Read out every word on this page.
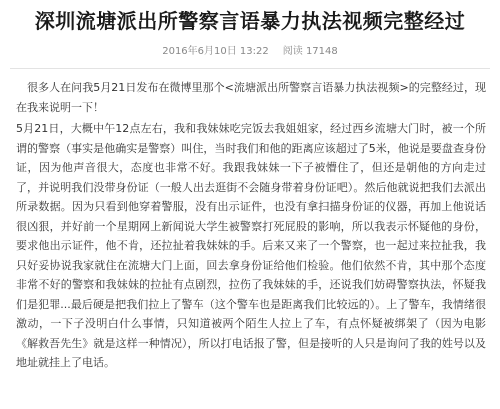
深圳流塘派出所警察言语暴力执法视频完整经过
2016年6月10日 13:22 阅读 17148

很多人在问我5月21日发布在微博里那个<流塘派出所警察言语暴力执法视频>的完整经过，现在我来说明一下！

5月21日，大概中午12点左右，我和我妹妹吃完饭去我姐姐家，经过西乡流塘大门时，被一个所谓的警察（事实是他确实是警察）叫住，当时我们和他的距离应该超过了5米，他说是要盘查身份证，因为他声音很大，态度也非常不好。我跟我妹妹一下子被懵住了，但还是朝他的方向走过了，并说明我们没带身份证（一般人出去逛街不会随身带着身份证吧）。然后他就说把我们去派出所录数据。因为只看到他穿着警服，没有出示证件，也没有拿扫描身份证的仪器，再加上他说话很凶狠，并好前一个星期网上新闻说大学生被警察打死屁股的影响，所以我表示怀疑他的身份，要求他出示证件，他不肯，还拉扯着我妹妹的手。后来又来了一个警察，也一起过来拉扯我，我只好妥协说我家就住在流塘大门上面，回去拿身份证给他们检验。他们依然不肯，其中那个态度非常不好的警察和我妹妹的拉扯有点剧烈，拉伤了我妹妹的手，还说我们妨碍警察执法，怀疑我们是犯罪...最后硬是把我们拉上了警车（这个警车也是距离我们比较远的）。上了警车，我情绪很激动，一下子没明白什么事情，只知道被两个陌生人拉上了车，有点怀疑被绑架了（因为电影《解救吾先生》就是这样一种情况），所以打电话报了警，但是接听的人只是询问了我的姓号以及地址就挂上了电话。
